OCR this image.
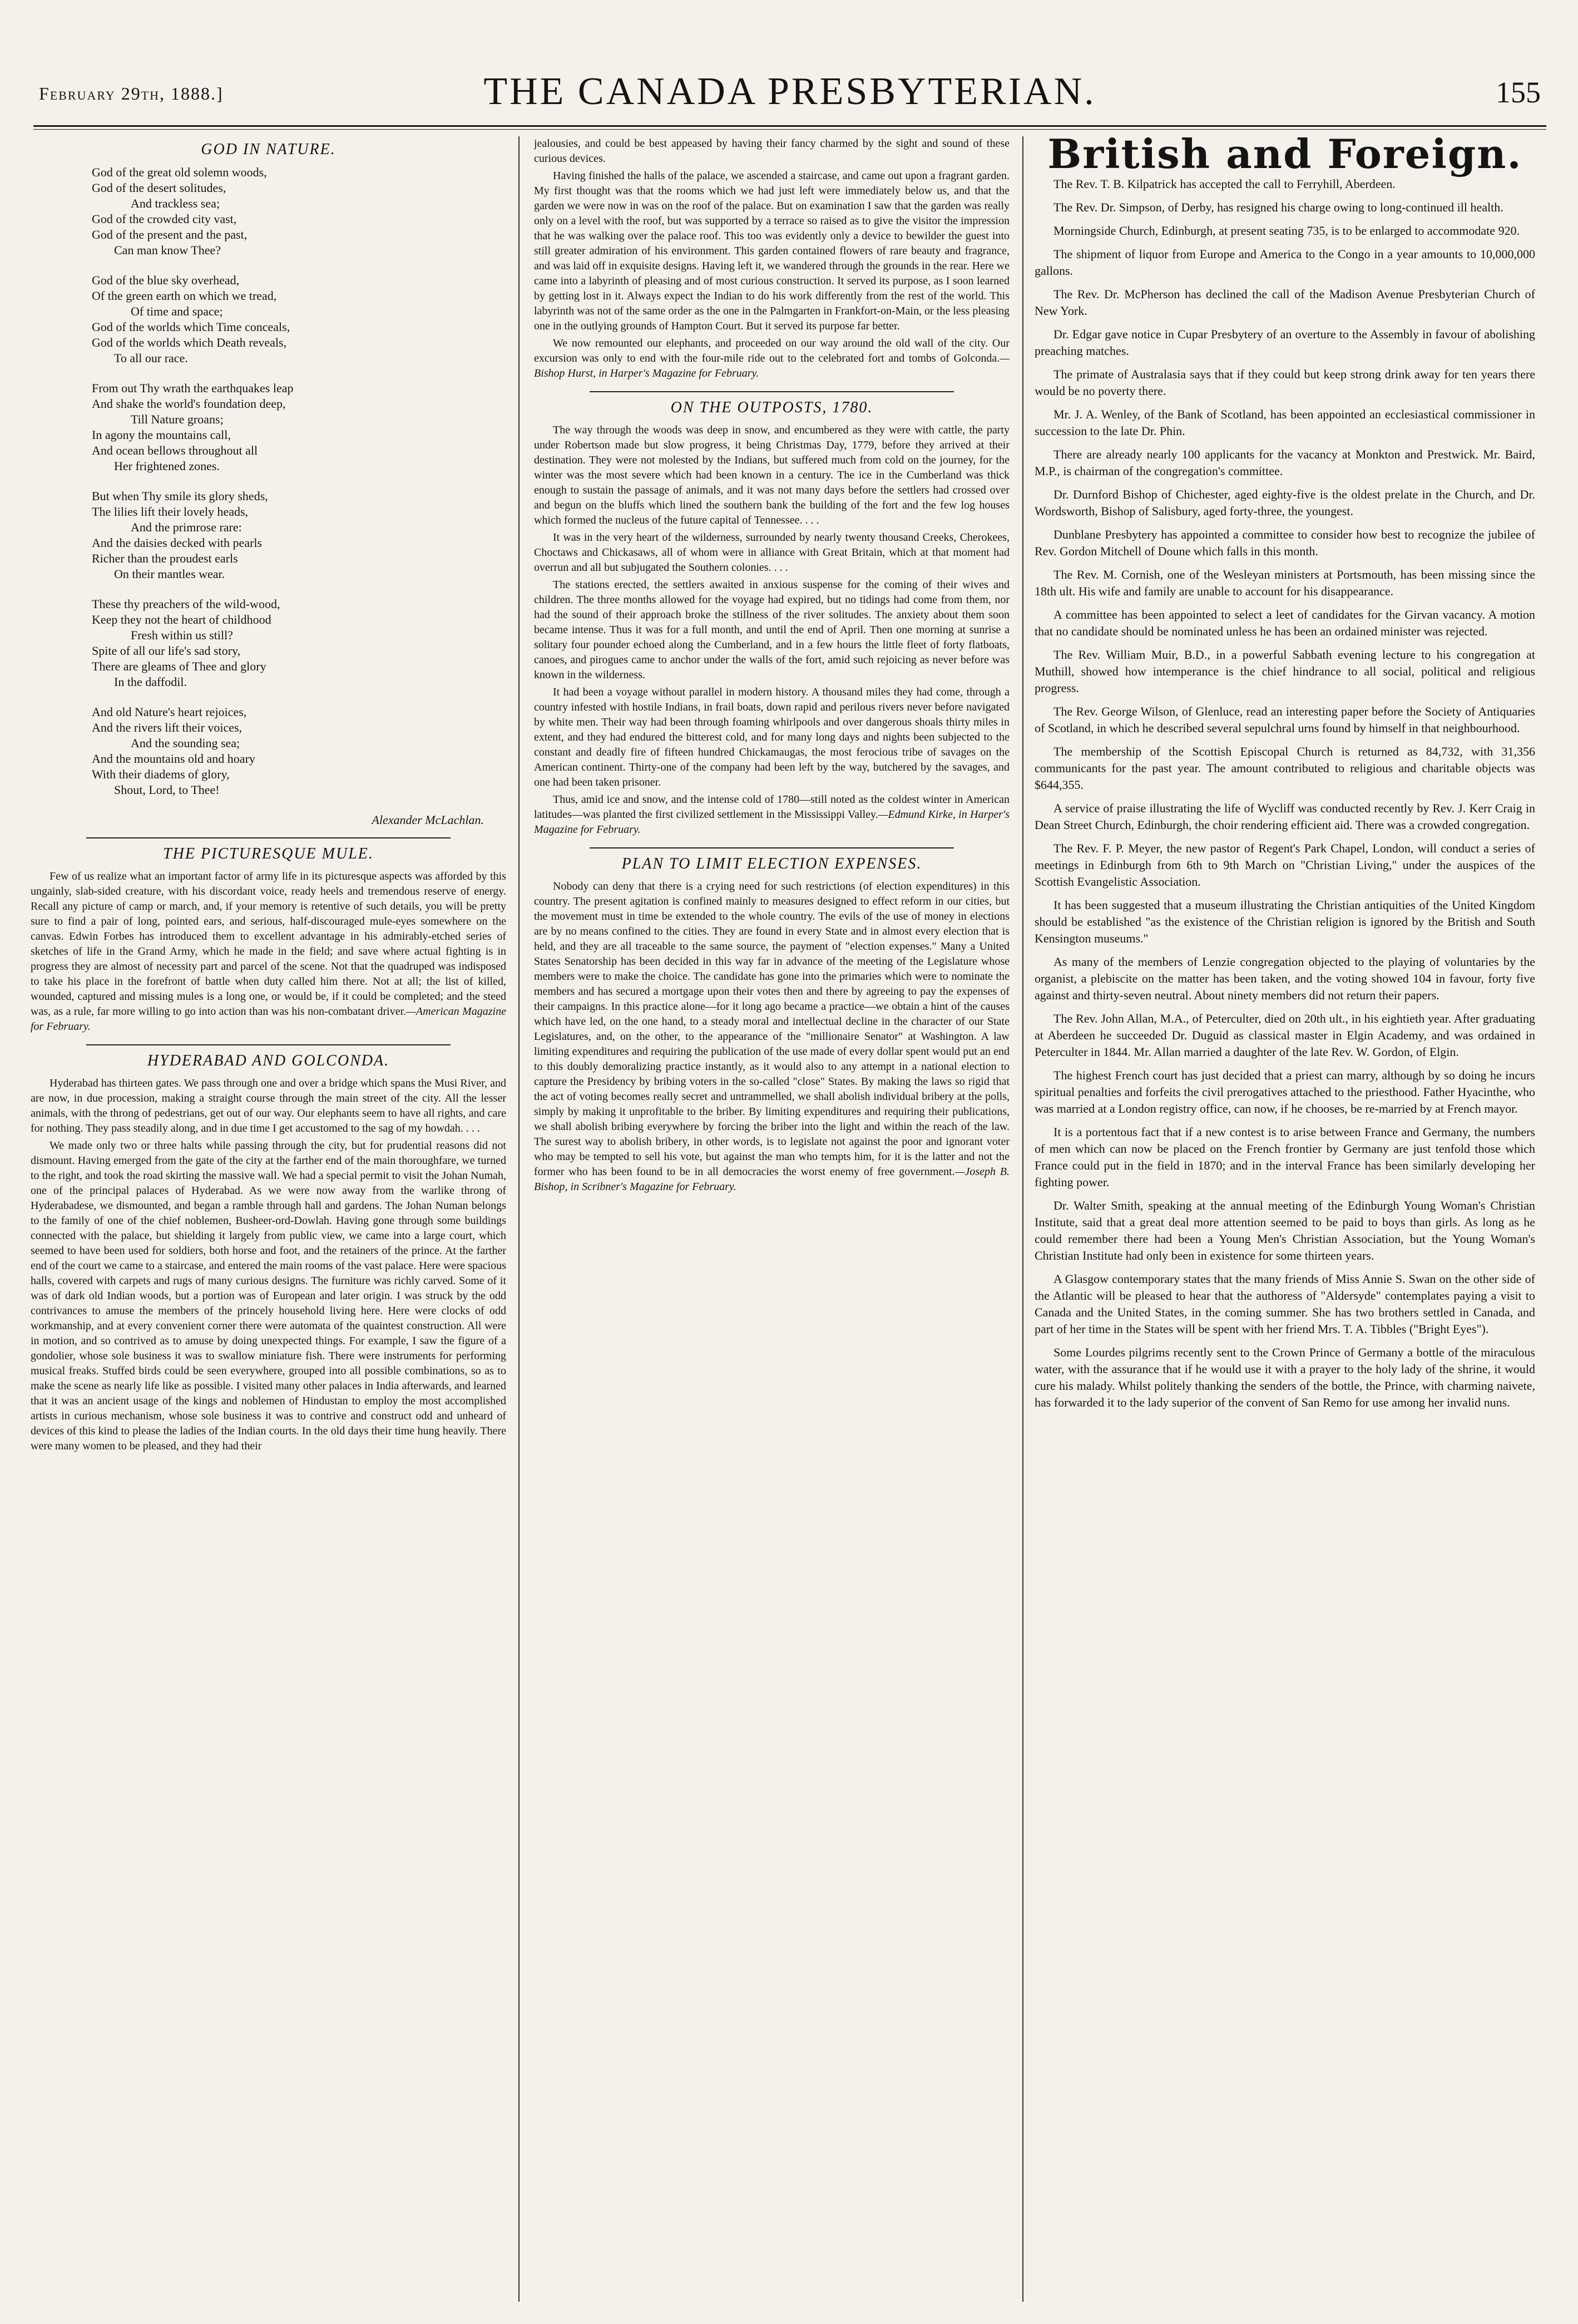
February 29th, 1888.]	THE CANADA PRESBYTERIAN.	155
GOD IN NATURE.
God of the great old solemn woods,
God of the desert solitudes,
And trackless sea;
God of the crowded city vast,
God of the present and the past,
Can man know Thee?
God of the blue sky overhead,
Of the green earth on which we tread,
Of time and space;
God of the worlds which Time conceals,
God of the worlds which Death reveals,
To all our race.
From out Thy wrath the earthquakes leap
And shake the world's foundation deep,
Till Nature groans;
In agony the mountains call,
And ocean bellows throughout all
Her frightened zones.
But when Thy smile its glory sheds,
The lilies lift their lovely heads,
And the primrose rare:
And the daisies decked with pearls
Richer than the proudest earls
On their mantles wear.
These thy preachers of the wild-wood,
Keep they not the heart of childhood
Fresh within us still?
Spite of all our life's sad story,
There are gleams of Thee and glory
In the daffodil.
And old Nature's heart rejoices,
And the rivers lift their voices,
And the sounding sea;
And the mountains old and hoary
With their diadems of glory,
Shout, Lord, to Thee!
Alexander McLachlan.
THE PICTURESQUE MULE.

Few of us realize what an important factor of army life in its picturesque aspects was afforded by this ungainly, slab-sided creature, with his discordant voice, ready heels and tremendous reserve of energy. Recall any picture of camp or march, and, if your memory is retentive of such details, you will be pretty sure to find a pair of long, pointed ears, and serious, half-discouraged mule-eyes somewhere on the canvas. Edwin Forbes has introduced them to excellent advantage in his admirably-etched series of sketches of life in the Grand Army, which he made in the field; and save where actual fighting is in progress they are almost of necessity part and parcel of the scene. Not that the quadruped was indisposed to take his place in the forefront of battle when duty called him there. Not at all; the list of killed, wounded, captured and missing mules is a long one, or would be, if it could be completed; and the steed was, as a rule, far more willing to go into action than was his non-combatant driver.—American Magazine for February.

HYDERABAD AND GOLCONDA.

Hyderabad has thirteen gates. We pass through one and over a bridge which spans the Musi River, and are now, in due procession, making a straight course through the main street of the city. All the lesser animals, with the throng of pedestrians, get out of our way. Our elephants seem to have all rights, and care for nothing. They pass steadily along, and in due time I get accustomed to the sag of my howdah. . . .

We made only two or three halts while passing through the city, but for prudential reasons did not dismount. Having emerged from the gate of the city at the farther end of the main thoroughfare, we turned to the right, and took the road skirting the massive wall. We had a special permit to visit the Johan Numah, one of the principal palaces of Hyderabad. As we were now away from the warlike throng of Hyderabadese, we dismounted, and began a ramble through hall and gardens. The Johan Numan belongs to the family of one of the chief noblemen, Busheer-ord-Dowlah. Having gone through some buildings connected with the palace, but shielding it largely from public view, we came into a large court, which seemed to have been used for soldiers, both horse and foot, and the retainers of the prince. At the farther end of the court we came to a staircase, and entered the main rooms of the vast palace. Here were spacious halls, covered with carpets and rugs of many curious designs. The furniture was richly carved. Some of it was of dark old Indian woods, but a portion was of European and later origin. I was struck by the odd contrivances to amuse the members of the princely household living here. Here were clocks of odd workmanship, and at every convenient corner there were automata of the quaintest construction. All were in motion, and so contrived as to amuse by doing unexpected things. For example, I saw the figure of a gondolier, whose sole business it was to swallow miniature fish. There were instruments for performing musical freaks. Stuffed birds could be seen everywhere, grouped into all possible combinations, so as to make the scene as nearly life like as possible. I visited many other palaces in India afterwards, and learned that it was an ancient usage of the kings and noblemen of Hindustan to employ the most accomplished artists in curious mechanism, whose sole business it was to contrive and construct odd and unheard of devices of this kind to please the ladies of the Indian courts. In the old days their time hung heavily. There were many women to be pleased, and they had their

jealousies, and could be best appeased by having their fancy charmed by the sight and sound of these curious devices.

Having finished the halls of the palace, we ascended a staircase, and came out upon a fragrant garden. My first thought was that the rooms which we had just left were immediately below us, and that the garden we were now in was on the roof of the palace. But on examination I saw that the garden was really only on a level with the roof, but was supported by a terrace so raised as to give the visitor the impression that he was walking over the palace roof. This too was evidently only a device to bewilder the guest into still greater admiration of his environment. This garden contained flowers of rare beauty and fragrance, and was laid off in exquisite designs. Having left it, we wandered through the grounds in the rear. Here we came into a labyrinth of pleasing and of most curious construction. It served its purpose, as I soon learned by getting lost in it. Always expect the Indian to do his work differently from the rest of the world. This labyrinth was not of the same order as the one in the Palmgarten in Frankfort-on-Main, or the less pleasing one in the outlying grounds of Hampton Court. But it served its purpose far better.

We now remounted our elephants, and proceeded on our way around the old wall of the city. Our excursion was only to end with the four-mile ride out to the celebrated fort and tombs of Golconda.—Bishop Hurst, in Harper's Magazine for February.

ON THE OUTPOSTS, 1780.

The way through the woods was deep in snow, and encumbered as they were with cattle, the party under Robertson made but slow progress, it being Christmas Day, 1779, before they arrived at their destination. They were not molested by the Indians, but suffered much from cold on the journey, for the winter was the most severe which had been known in a century. The ice in the Cumberland was thick enough to sustain the passage of animals, and it was not many days before the settlers had crossed over and begun on the bluffs which lined the southern bank the building of the fort and the few log houses which formed the nucleus of the future capital of Tennessee. . . .

It was in the very heart of the wilderness, surrounded by nearly twenty thousand Creeks, Cherokees, Choctaws and Chickasaws, all of whom were in alliance with Great Britain, which at that moment had overrun and all but subjugated the Southern colonies. . . .

The stations erected, the settlers awaited in anxious suspense for the coming of their wives and children. The three months allowed for the voyage had expired, but no tidings had come from them, nor had the sound of their approach broke the stillness of the river solitudes. The anxiety about them soon became intense. Thus it was for a full month, and until the end of April. Then one morning at sunrise a solitary four pounder echoed along the Cumberland, and in a few hours the little fleet of forty flatboats, canoes, and pirogues came to anchor under the walls of the fort, amid such rejoicing as never before was known in the wilderness.

It had been a voyage without parallel in modern history. A thousand miles they had come, through a country infested with hostile Indians, in frail boats, down rapid and perilous rivers never before navigated by white men. Their way had been through foaming whirlpools and over dangerous shoals thirty miles in extent, and they had endured the bitterest cold, and for many long days and nights been subjected to the constant and deadly fire of fifteen hundred Chickamaugas, the most ferocious tribe of savages on the American continent. Thirty-one of the company had been left by the way, butchered by the savages, and one had been taken prisoner.

Thus, amid ice and snow, and the intense cold of 1780—still noted as the coldest winter in American latitudes—was planted the first civilized settlement in the Mississippi Valley.—Edmund Kirke, in Harper's Magazine for February.

PLAN TO LIMIT ELECTION EXPENSES.

Nobody can deny that there is a crying need for such restrictions (of election expenditures) in this country. The present agitation is confined mainly to measures designed to effect reform in our cities, but the movement must in time be extended to the whole country. The evils of the use of money in elections are by no means confined to the cities. They are found in every State and in almost every election that is held, and they are all traceable to the same source, the payment of "election expenses." Many a United States Senatorship has been decided in this way far in advance of the meeting of the Legislature whose members were to make the choice. The candidate has gone into the primaries which were to nominate the members and has secured a mortgage upon their votes then and there by agreeing to pay the expenses of their campaigns. In this practice alone—for it long ago became a practice—we obtain a hint of the causes which have led, on the one hand, to a steady moral and intellectual decline in the character of our State Legislatures, and, on the other, to the appearance of the "millionaire Senator" at Washington. A law limiting expenditures and requiring the publication of the use made of every dollar spent would put an end to this doubly demoralizing practice instantly, as it would also to any attempt in a national election to capture the Presidency by bribing voters in the so-called "close" States. By making the laws so rigid that the act of voting becomes really secret and untrammelled, we shall abolish individual bribery at the polls, simply by making it unprofitable to the briber. By limiting expenditures and requiring their publications, we shall abolish bribing everywhere by forcing the briber into the light and within the reach of the law. The surest way to abolish bribery, in other words, is to legislate not against the poor and ignorant voter who may be tempted to sell his vote, but against the man who tempts him, for it is the latter and not the former who has been found to be in all democracies the worst enemy of free government.—Joseph B. Bishop, in Scribner's Magazine for February.

British and Foreign.

The Rev. T. B. Kilpatrick has accepted the call to Ferryhill, Aberdeen.

The Rev. Dr. Simpson, of Derby, has resigned his charge owing to long-continued ill health.

Morningside Church, Edinburgh, at present seating 735, is to be enlarged to accommodate 920.

The shipment of liquor from Europe and America to the Congo in a year amounts to 10,000,000 gallons.

The Rev. Dr. McPherson has declined the call of the Madison Avenue Presbyterian Church of New York.

Dr. Edgar gave notice in Cupar Presbytery of an overture to the Assembly in favour of abolishing preaching matches.

The primate of Australasia says that if they could but keep strong drink away for ten years there would be no poverty there.

Mr. J. A. Wenley, of the Bank of Scotland, has been appointed an ecclesiastical commissioner in succession to the late Dr. Phin.

There are already nearly 100 applicants for the vacancy at Monkton and Prestwick. Mr. Baird, M.P., is chairman of the congregation's committee.

Dr. Durnford Bishop of Chichester, aged eighty-five is the oldest prelate in the Church, and Dr. Wordsworth, Bishop of Salisbury, aged forty-three, the youngest.

Dunblane Presbytery has appointed a committee to consider how best to recognize the jubilee of Rev. Gordon Mitchell of Doune which falls in this month.

The Rev. M. Cornish, one of the Wesleyan ministers at Portsmouth, has been missing since the 18th ult. His wife and family are unable to account for his disappearance.

A committee has been appointed to select a leet of candidates for the Girvan vacancy. A motion that no candidate should be nominated unless he has been an ordained minister was rejected.

The Rev. William Muir, B.D., in a powerful Sabbath evening lecture to his congregation at Muthill, showed how intemperance is the chief hindrance to all social, political and religious progress.

The Rev. George Wilson, of Glenluce, read an interesting paper before the Society of Antiquaries of Scotland, in which he described several sepulchral urns found by himself in that neighbourhood.

The membership of the Scottish Episcopal Church is returned as 84,732, with 31,356 communicants for the past year. The amount contributed to religious and charitable objects was $644,355.

A service of praise illustrating the life of Wycliff was conducted recently by Rev. J. Kerr Craig in Dean Street Church, Edinburgh, the choir rendering efficient aid. There was a crowded congregation.

The Rev. F. P. Meyer, the new pastor of Regent's Park Chapel, London, will conduct a series of meetings in Edinburgh from 6th to 9th March on "Christian Living," under the auspices of the Scottish Evangelistic Association.

It has been suggested that a museum illustrating the Christian antiquities of the United Kingdom should be established "as the existence of the Christian religion is ignored by the British and South Kensington museums."

As many of the members of Lenzie congregation objected to the playing of voluntaries by the organist, a plebiscite on the matter has been taken, and the voting showed 104 in favour, forty five against and thirty-seven neutral. About ninety members did not return their papers.

The Rev. John Allan, M.A., of Peterculter, died on 20th ult., in his eightieth year. After graduating at Aberdeen he succeeded Dr. Duguid as classical master in Elgin Academy, and was ordained in Peterculter in 1844. Mr. Allan married a daughter of the late Rev. W. Gordon, of Elgin.

The highest French court has just decided that a priest can marry, although by so doing he incurs spiritual penalties and forfeits the civil prerogatives attached to the priesthood. Father Hyacinthe, who was married at a London registry office, can now, if he chooses, be re-married by at French mayor.

It is a portentous fact that if a new contest is to arise between France and Germany, the numbers of men which can now be placed on the French frontier by Germany are just tenfold those which France could put in the field in 1870; and in the interval France has been similarly developing her fighting power.

Dr. Walter Smith, speaking at the annual meeting of the Edinburgh Young Woman's Christian Institute, said that a great deal more attention seemed to be paid to boys than girls. As long as he could remember there had been a Young Men's Christian Association, but the Young Woman's Christian Institute had only been in existence for some thirteen years.

A Glasgow contemporary states that the many friends of Miss Annie S. Swan on the other side of the Atlantic will be pleased to hear that the authoress of "Aldersyde" contemplates paying a visit to Canada and the United States, in the coming summer. She has two brothers settled in Canada, and part of her time in the States will be spent with her friend Mrs. T. A. Tibbles ("Bright Eyes").

Some Lourdes pilgrims recently sent to the Crown Prince of Germany a bottle of the miraculous water, with the assurance that if he would use it with a prayer to the holy lady of the shrine, it would cure his malady. Whilst politely thanking the senders of the bottle, the Prince, with charming naivete, has forwarded it to the lady superior of the convent of San Remo for use among her invalid nuns.
